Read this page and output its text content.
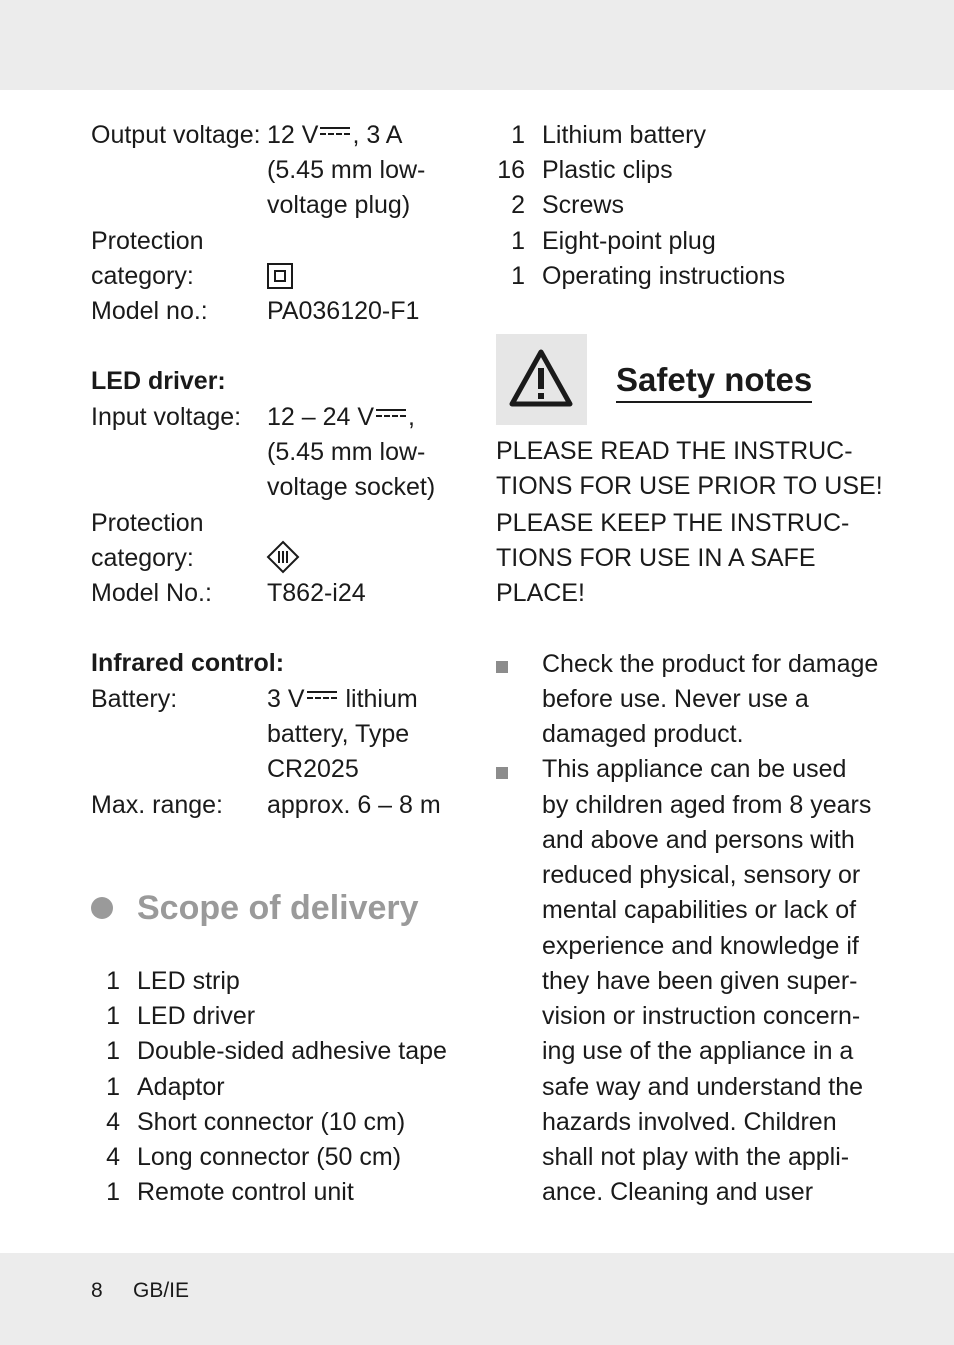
Output voltage: 12 V , 3 A
(5.45 mm low-
voltage plug)
Protection
category:
Model no.: PA036120-F1
LED driver:
Input voltage: 12 – 24 V ,
(5.45 mm low-
voltage socket)
Protection
category:
Model No.: T862-i24
Infrared control:
Battery:	3 V lithium
battery, Type
CR2025
Max. range: approx. 6 – 8 m
Scope of delivery
1 LED strip
1 LED driver
1 Double-sided adhesive tape
1 Adaptor
4 Short connector (10 cm)
4 Long connector (50 cm)
1 Remote control unit
1 Lithium battery
16 Plastic clips
2 Screws
1 Eight-point plug
1 Operating instructions
Safety notes
PLEASE READ THE INSTRUC-
TIONS FOR USE PRIOR TO USE!
PLEASE KEEP THE INSTRUC-
TIONS FOR USE IN A SAFE
PLACE!
Check the product for damage
before use. Never use a
damaged product.
This appliance can be used
by children aged from 8 years
and above and persons with
reduced physical, sensory or
mental capabilities or lack of
experience and knowledge if
they have been given super-
vision or instruction concern-
ing use of the appliance in a
safe way and understand the
hazards involved. Children
shall not play with the appli-
ance. Cleaning and user
8 GB/IE
